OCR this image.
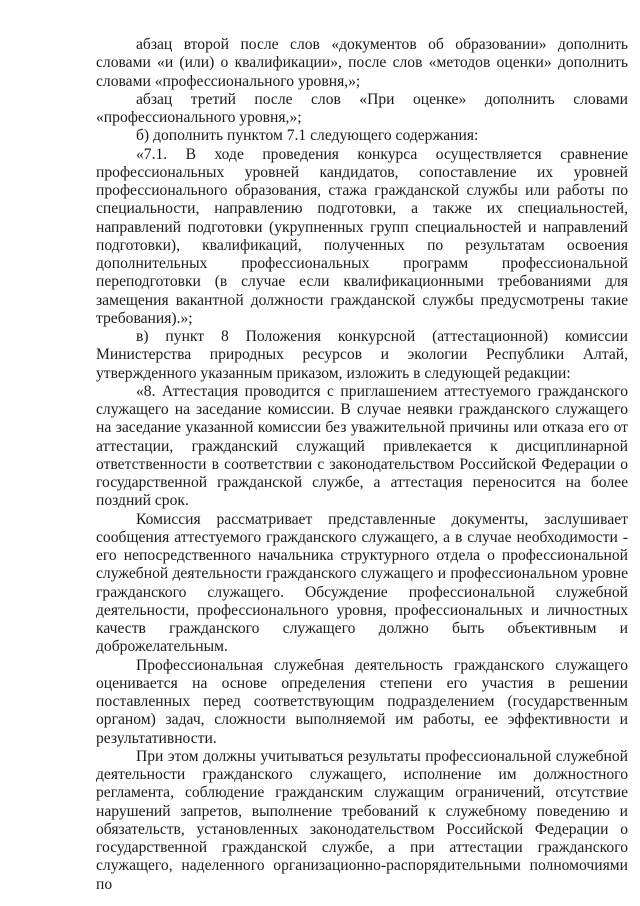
абзац второй после слов «документов об образовании» дополнить словами «и (или) о квалификации», после слов «методов оценки» дополнить словами «профессионального уровня,»;

абзац третий после слов «При оценке» дополнить словами «профессионального уровня,»;

б) дополнить пунктом 7.1 следующего содержания:

«7.1. В ходе проведения конкурса осуществляется сравнение профессиональных уровней кандидатов, сопоставление их уровней профессионального образования, стажа гражданской службы или работы по специальности, направлению подготовки, а также их специальностей, направлений подготовки (укрупненных групп специальностей и направлений подготовки), квалификаций, полученных по результатам освоения дополнительных профессиональных программ профессиональной переподготовки (в случае если квалификационными требованиями для замещения вакантной должности гражданской службы предусмотрены такие требования).»;

в) пункт 8 Положения конкурсной (аттестационной) комиссии Министерства природных ресурсов и экологии Республики Алтай, утвержденного указанным приказом, изложить в следующей редакции:

«8. Аттестация проводится с приглашением аттестуемого гражданского служащего на заседание комиссии. В случае неявки гражданского служащего на заседание указанной комиссии без уважительной причины или отказа его от аттестации, гражданский служащий привлекается к дисциплинарной ответственности в соответствии с законодательством Российской Федерации о государственной гражданской службе, а аттестация переносится на более поздний срок.

Комиссия рассматривает представленные документы, заслушивает сообщения аттестуемого гражданского служащего, а в случае необходимости - его непосредственного начальника структурного отдела о профессиональной служебной деятельности гражданского служащего и профессиональном уровне гражданского служащего. Обсуждение профессиональной служебной деятельности, профессионального уровня, профессиональных и личностных качеств гражданского служащего должно быть объективным и доброжелательным.

Профессиональная служебная деятельность гражданского служащего оценивается на основе определения степени его участия в решении поставленных перед соответствующим подразделением (государственным органом) задач, сложности выполняемой им работы, ее эффективности и результативности.

При этом должны учитываться результаты профессиональной служебной деятельности гражданского служащего, исполнение им должностного регламента, соблюдение гражданским служащим ограничений, отсутствие нарушений запретов, выполнение требований к служебному поведению и обязательств, установленных законодательством Российской Федерации о государственной гражданской службе, а при аттестации гражданского служащего, наделенного организационно-распорядительными полномочиями по
